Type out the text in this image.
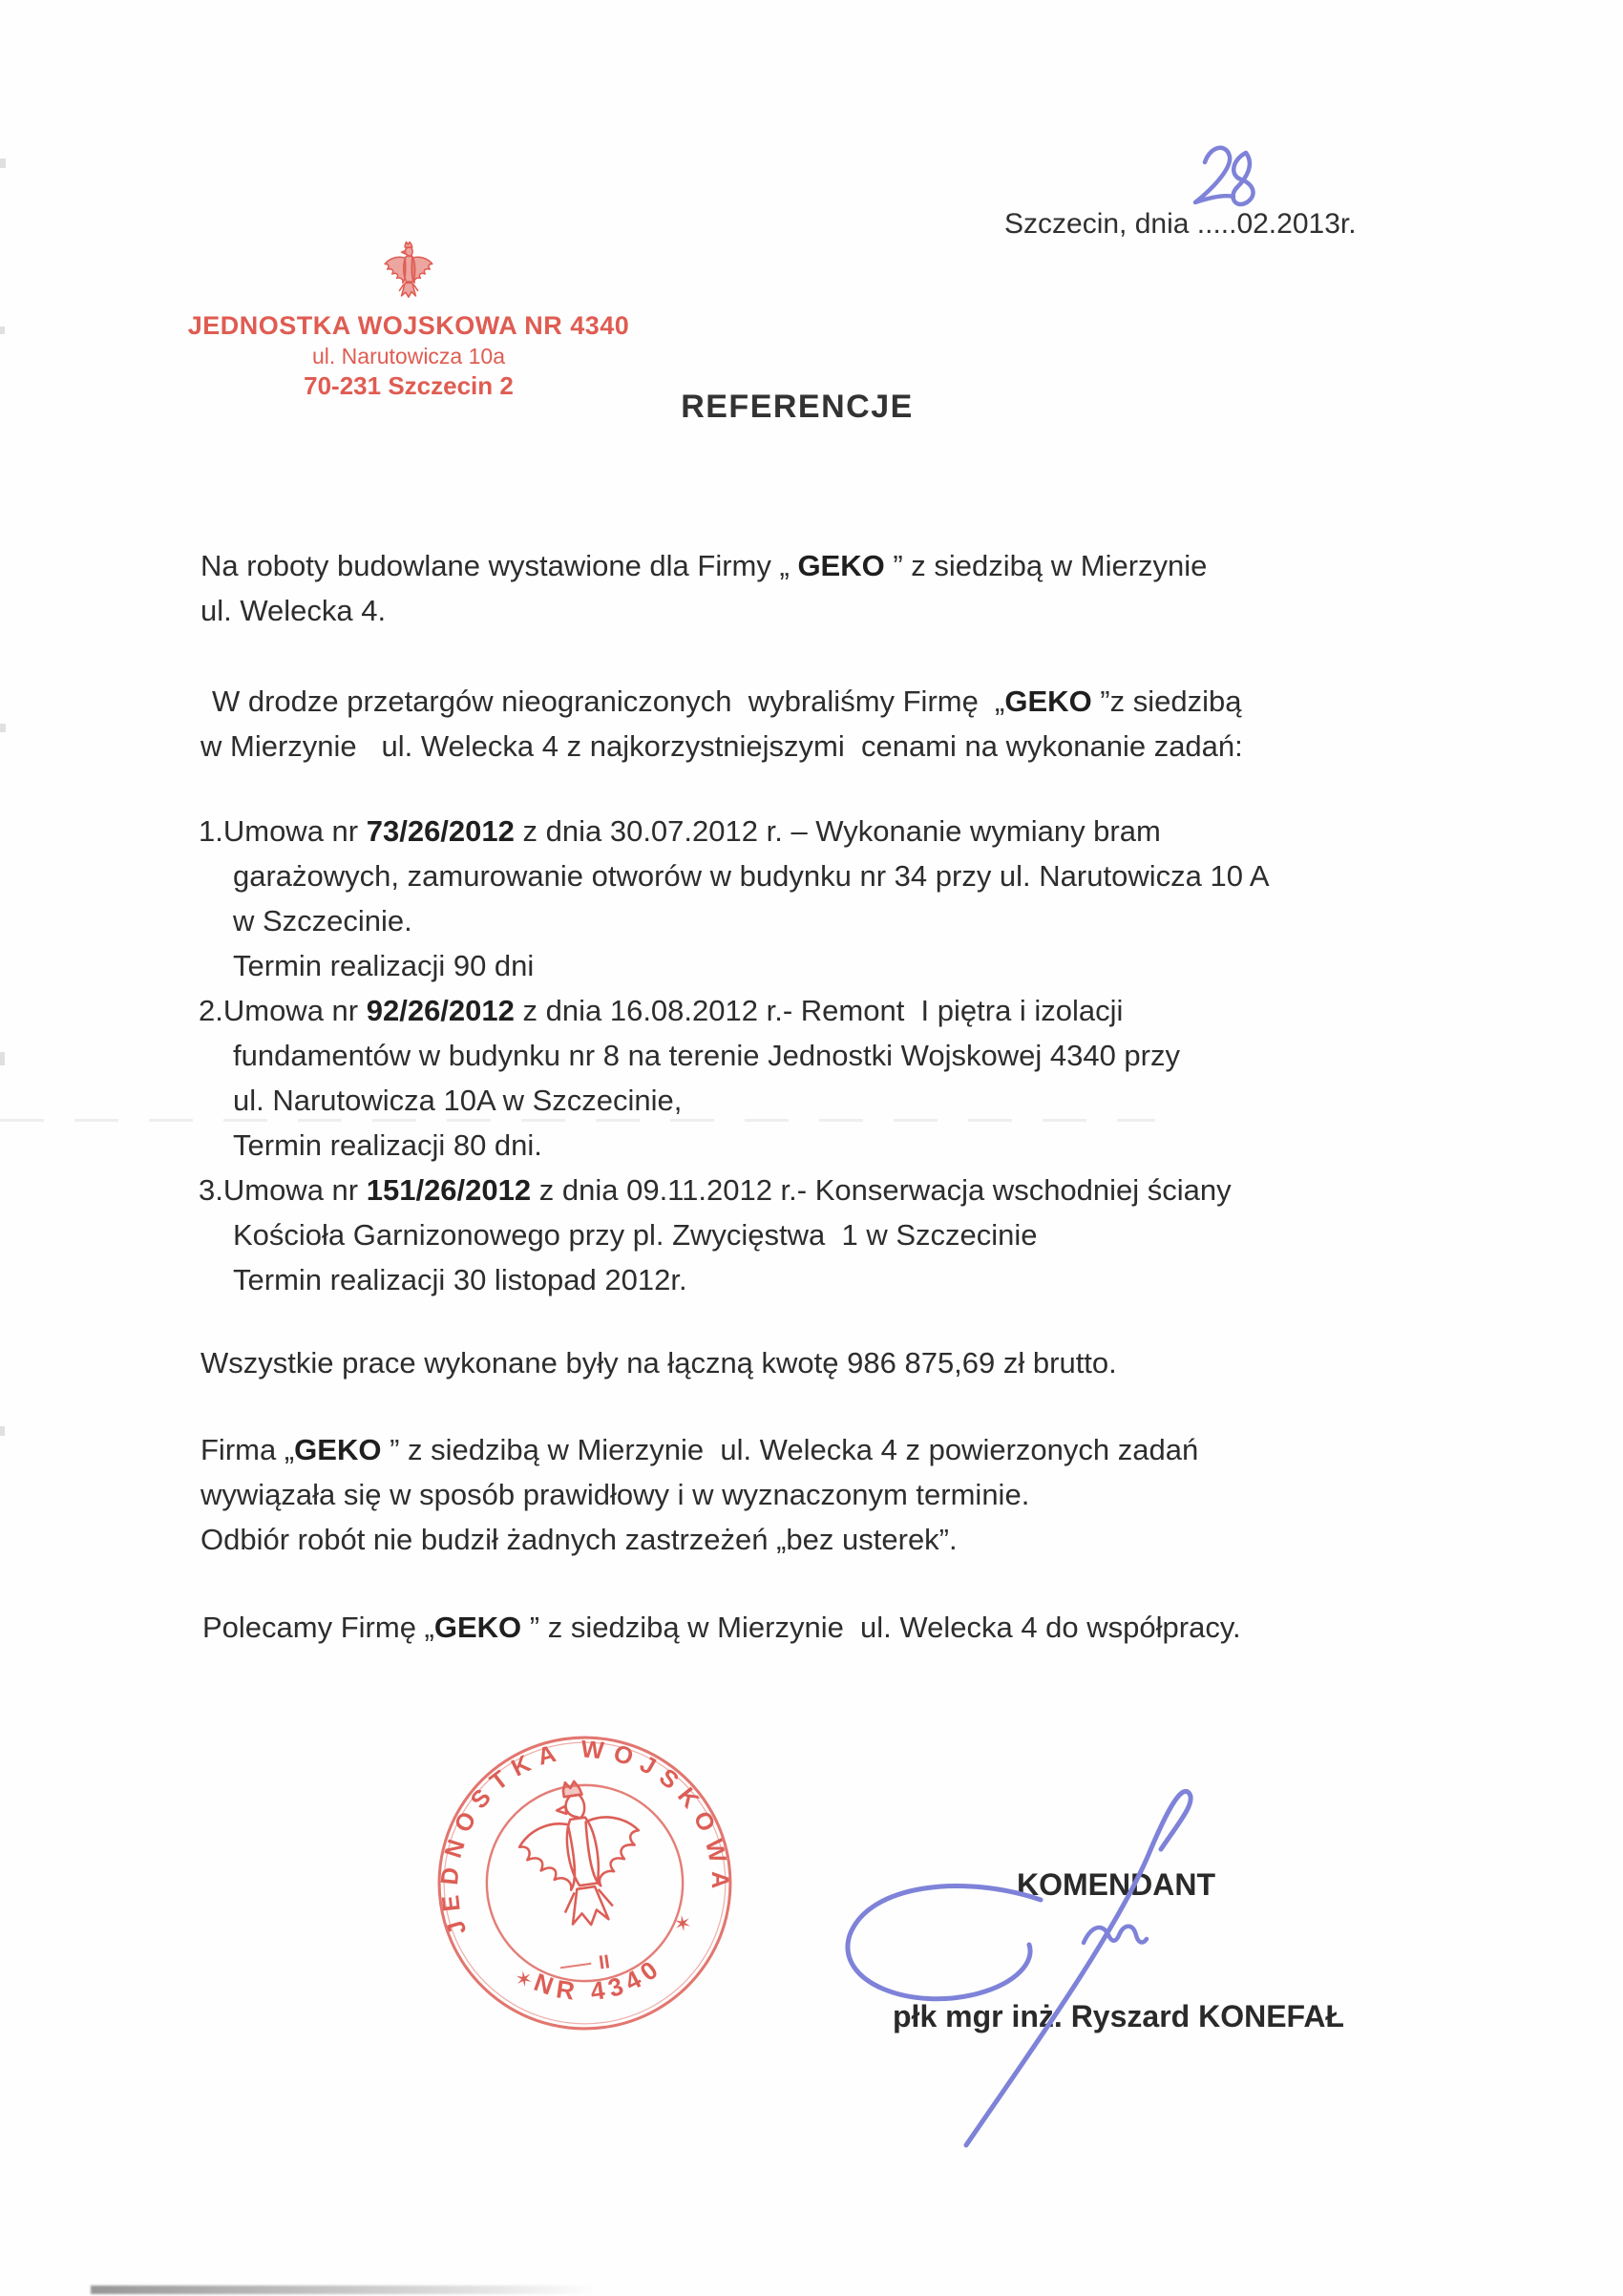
Szczecin, dnia .....02.2013r.
JEDNOSTKA WOJSKOWA NR 4340
ul. Narutowicza 10a
70-231 Szczecin 2
REFERENCJE
Na roboty budowlane wystawione dla Firmy „ GEKO ” z siedzibą w Mierzynie
ul. Welecka 4.
W drodze przetargów nieograniczonych  wybraliśmy Firmę  „GEKO ”z siedzibą
w Mierzynie   ul. Welecka 4 z najkorzystniejszymi  cenami na wykonanie zadań:
1.Umowa nr 73/26/2012 z dnia 30.07.2012 r. – Wykonanie wymiany bram
garażowych, zamurowanie otworów w budynku nr 34 przy ul. Narutowicza 10 A
w Szczecinie.
Termin realizacji 90 dni
2.Umowa nr 92/26/2012 z dnia 16.08.2012 r.- Remont  I piętra i izolacji
fundamentów w budynku nr 8 na terenie Jednostki Wojskowej 4340 przy
ul. Narutowicza 10A w Szczecinie,
Termin realizacji 80 dni.
3.Umowa nr 151/26/2012 z dnia 09.11.2012 r.- Konserwacja wschodniej ściany
Kościoła Garnizonowego przy pl. Zwycięstwa  1 w Szczecinie
Termin realizacji 30 listopad 2012r.
Wszystkie prace wykonane były na łączną kwotę 986 875,69 zł brutto.
Firma „GEKO ” z siedzibą w Mierzynie  ul. Welecka 4 z powierzonych zadań
wywiązała się w sposób prawidłowy i w wyznaczonym terminie.
Odbiór robót nie budził żadnych zastrzeżeń „bez usterek”.
Polecamy Firmę „GEKO ” z siedzibą w Mierzynie  ul. Welecka 4 do współpracy.
JEDNOSTKA WOJSKOWA
NR 4340
✶
✶
II
KOMENDANT
płk mgr inż. Ryszard KONEFAŁ
